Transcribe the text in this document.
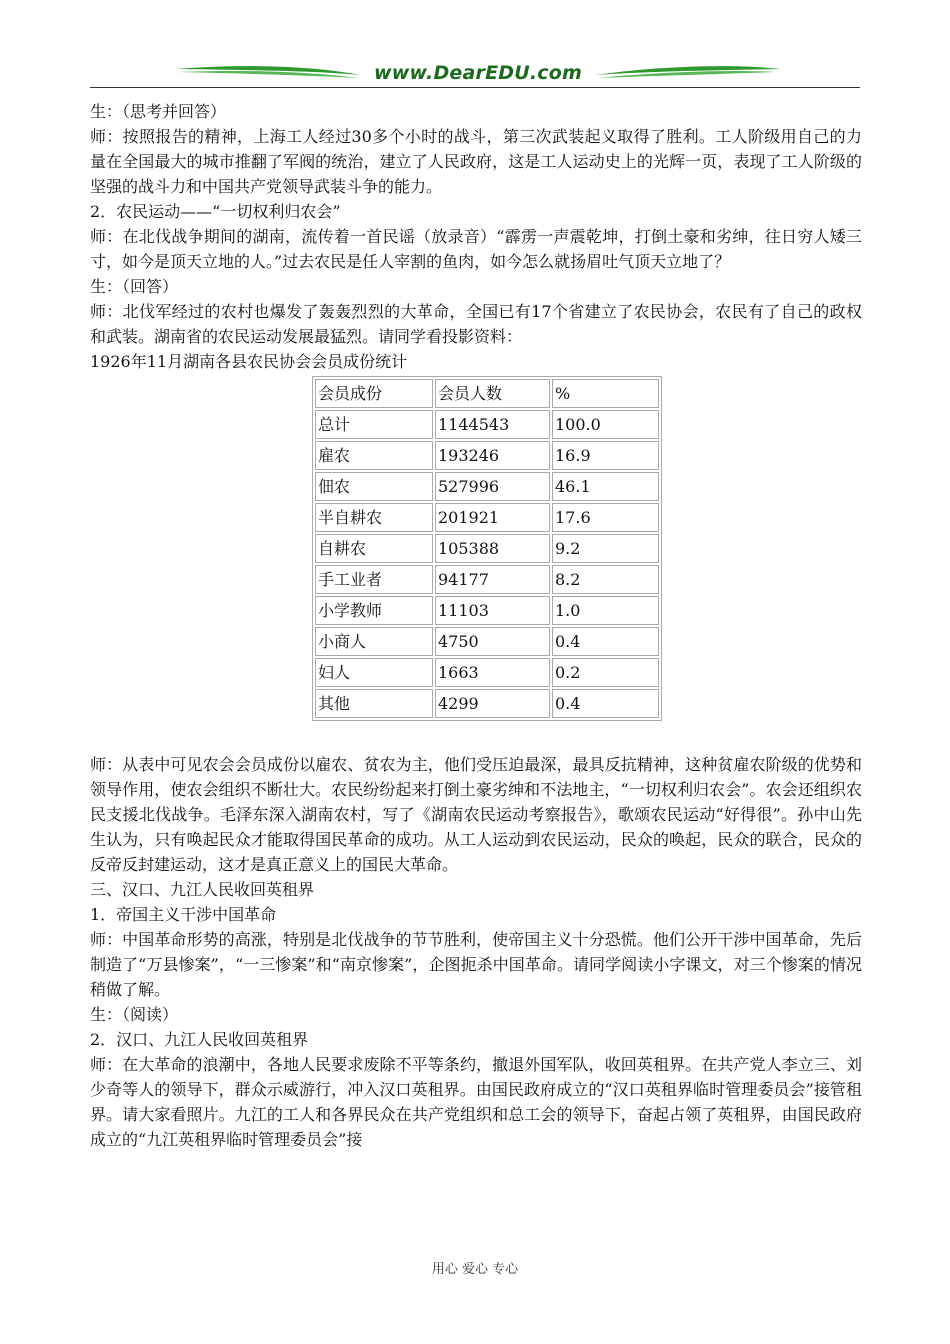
www.DearEDU.com

生：（思考并回答）

师：按照报告的精神，上海工人经过30多个小时的战斗，第三次武装起义取得了胜利。工人阶级用自己的力量在全国最大的城市推翻了军阀的统治，建立了人民政府，这是工人运动史上的光辉一页，表现了工人阶级的坚强的战斗力和中国共产党领导武装斗争的能力。

2．农民运动——“一切权利归农会”

师：在北伐战争期间的湖南，流传着一首民谣（放录音）“霹雳一声震乾坤，打倒土豪和劣绅，往日穷人矮三寸，如今是顶天立地的人。”过去农民是任人宰割的鱼肉，如今怎么就扬眉吐气顶天立地了？

生：（回答）

师：北伐军经过的农村也爆发了轰轰烈烈的大革命，全国已有17个省建立了农民协会，农民有了自己的政权和武装。湖南省的农民运动发展最猛烈。请同学看投影资料：

1926年11月湖南各县农民协会会员成份统计

会员成份	会员人数	%
总计	1144543	100.0
雇农	193246	16.9
佃农	527996	46.1
半自耕农	201921	17.6
自耕农	105388	9.2
手工业者	94177	8.2
小学教师	11103	1.0
小商人	4750	0.4
妇人	1663	0.2
其他	4299	0.4

师：从表中可见农会会员成份以雇农、贫农为主，他们受压迫最深，最具反抗精神，这种贫雇农阶级的优势和领导作用，使农会组织不断壮大。农民纷纷起来打倒土豪劣绅和不法地主，“一切权利归农会”。农会还组织农民支援北伐战争。毛泽东深入湖南农村，写了《湖南农民运动考察报告》，歌颂农民运动“好得很”。孙中山先生认为，只有唤起民众才能取得国民革命的成功。从工人运动到农民运动，民众的唤起，民众的联合，民众的反帝反封建运动，这才是真正意义上的国民大革命。

三、汉口、九江人民收回英租界

1．帝国主义干涉中国革命

师：中国革命形势的高涨，特别是北伐战争的节节胜利，使帝国主义十分恐慌。他们公开干涉中国革命，先后制造了“万县惨案”，“一三惨案”和“南京惨案”，企图扼杀中国革命。请同学阅读小字课文，对三个惨案的情况稍做了解。

生：（阅读）

2．汉口、九江人民收回英租界

师：在大革命的浪潮中，各地人民要求废除不平等条约，撤退外国军队，收回英租界。在共产党人李立三、刘少奇等人的领导下，群众示威游行，冲入汉口英租界。由国民政府成立的“汉口英租界临时管理委员会”接管租界。请大家看照片。九江的工人和各界民众在共产党组织和总工会的领导下，奋起占领了英租界，由国民政府成立的“九江英租界临时管理委员会”接

用心 爱心 专心
